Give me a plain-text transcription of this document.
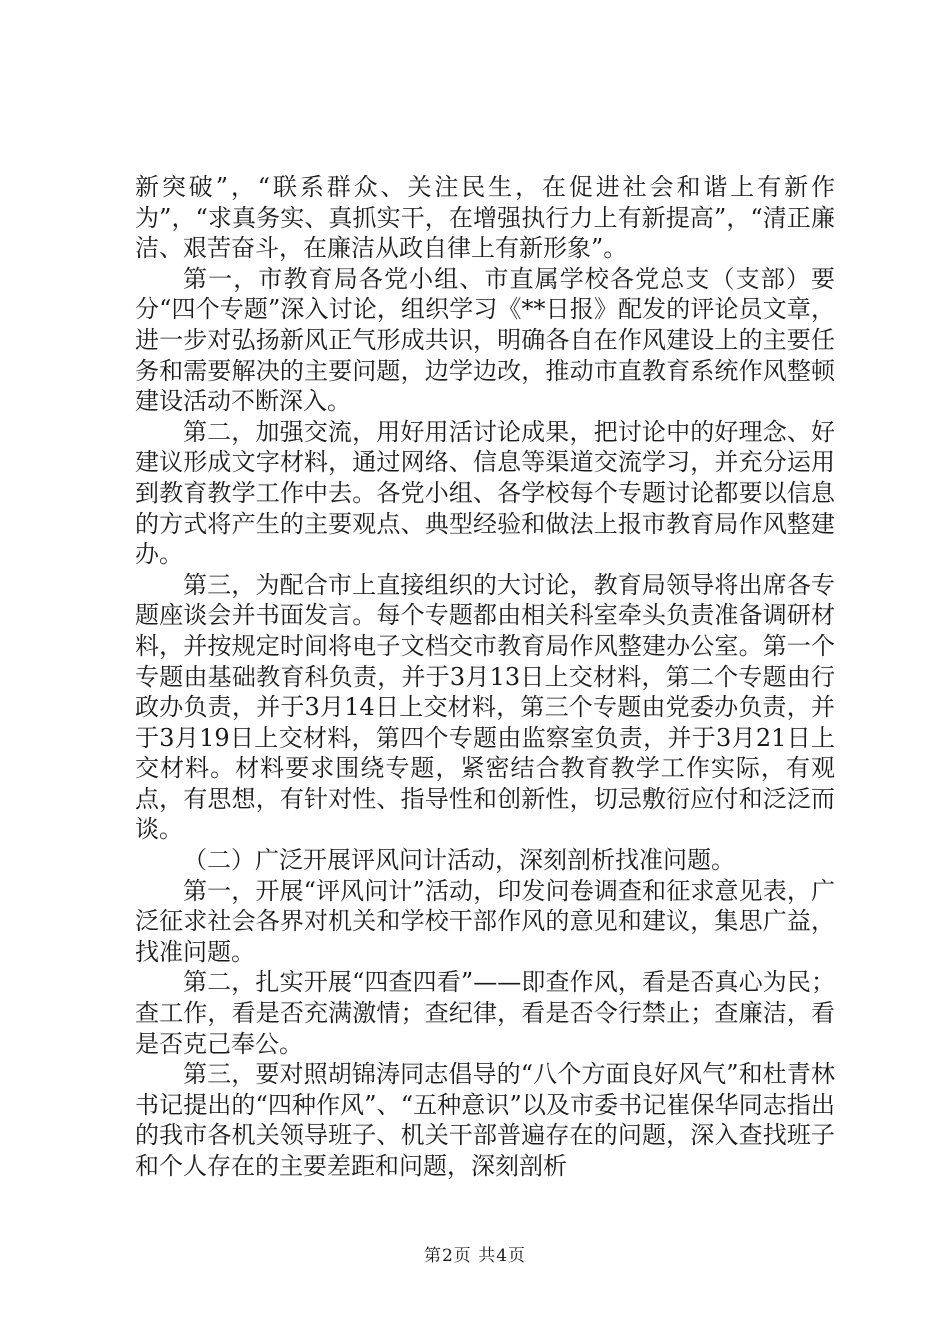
新突破”，“联系群众、关注民生，在促进社会和谐上有新作为”，“求真务实、真抓实干，在增强执行力上有新提高”，“清正廉洁、艰苦奋斗，在廉洁从政自律上有新形象”。

第一，市教育局各党小组、市直属学校各党总支（支部）要分“四个专题”深入讨论，组织学习《**日报》配发的评论员文章，进一步对弘扬新风正气形成共识，明确各自在作风建设上的主要任务和需要解决的主要问题，边学边改，推动市直教育系统作风整顿建设活动不断深入。

第二，加强交流，用好用活讨论成果，把讨论中的好理念、好建议形成文字材料，通过网络、信息等渠道交流学习，并充分运用到教育教学工作中去。各党小组、各学校每个专题讨论都要以信息的方式将产生的主要观点、典型经验和做法上报市教育局作风整建办。

第三，为配合市上直接组织的大讨论，教育局领导将出席各专题座谈会并书面发言。每个专题都由相关科室牵头负责准备调研材料，并按规定时间将电子文档交市教育局作风整建办公室。第一个专题由基础教育科负责，并于3月13日上交材料，第二个专题由行政办负责，并于3月14日上交材料，第三个专题由党委办负责，并于3月19日上交材料，第四个专题由监察室负责，并于3月21日上交材料。材料要求围绕专题，紧密结合教育教学工作实际，有观点，有思想，有针对性、指导性和创新性，切忌敷衍应付和泛泛而谈。

（二）广泛开展评风问计活动，深刻剖析找准问题。

第一，开展“评风问计”活动，印发问卷调查和征求意见表，广泛征求社会各界对机关和学校干部作风的意见和建议，集思广益，找准问题。

第二，扎实开展“四查四看”——即查作风，看是否真心为民；查工作，看是否充满激情；查纪律，看是否令行禁止；查廉洁，看是否克己奉公。

第三，要对照胡锦涛同志倡导的“八个方面良好风气”和杜青林书记提出的“四种作风”、“五种意识”以及市委书记崔保华同志指出的我市各机关领导班子、机关干部普遍存在的问题，深入查找班子和个人存在的主要差距和问题，深刻剖析

第2页 共4页
